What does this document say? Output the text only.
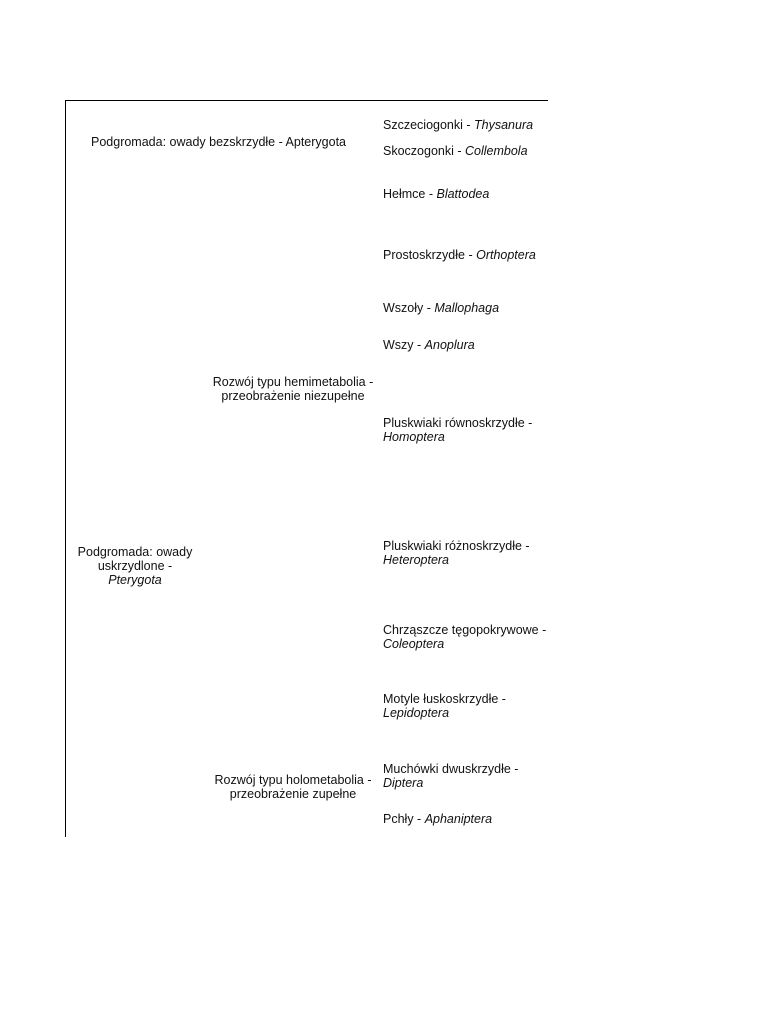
Podgromada: owady bezskrzydłe - Apterygota
Podgromada: owady
uskrzydlone -
Pterygota
Rozwój typu hemimetabolia -
przeobrażenie niezupełne
Rozwój typu holometabolia -
przeobrażenie zupełne
Szczeciogonki - Thysanura
Skoczogonki - Collembola
Hełmce - Blattodea
Prostoskrzydłe - Orthoptera
Wszoły - Mallophaga
Wszy - Anoplura
Pluskwiaki równoskrzydłe - Homoptera
Pluskwiaki różnoskrzydłe - Heteroptera
Chrząszcze tęgopokrywowe - Coleoptera
Motyle łuskoskrzydłe - Lepidoptera
Muchówki dwuskrzydłe - Diptera
Pchły - Aphaniptera
